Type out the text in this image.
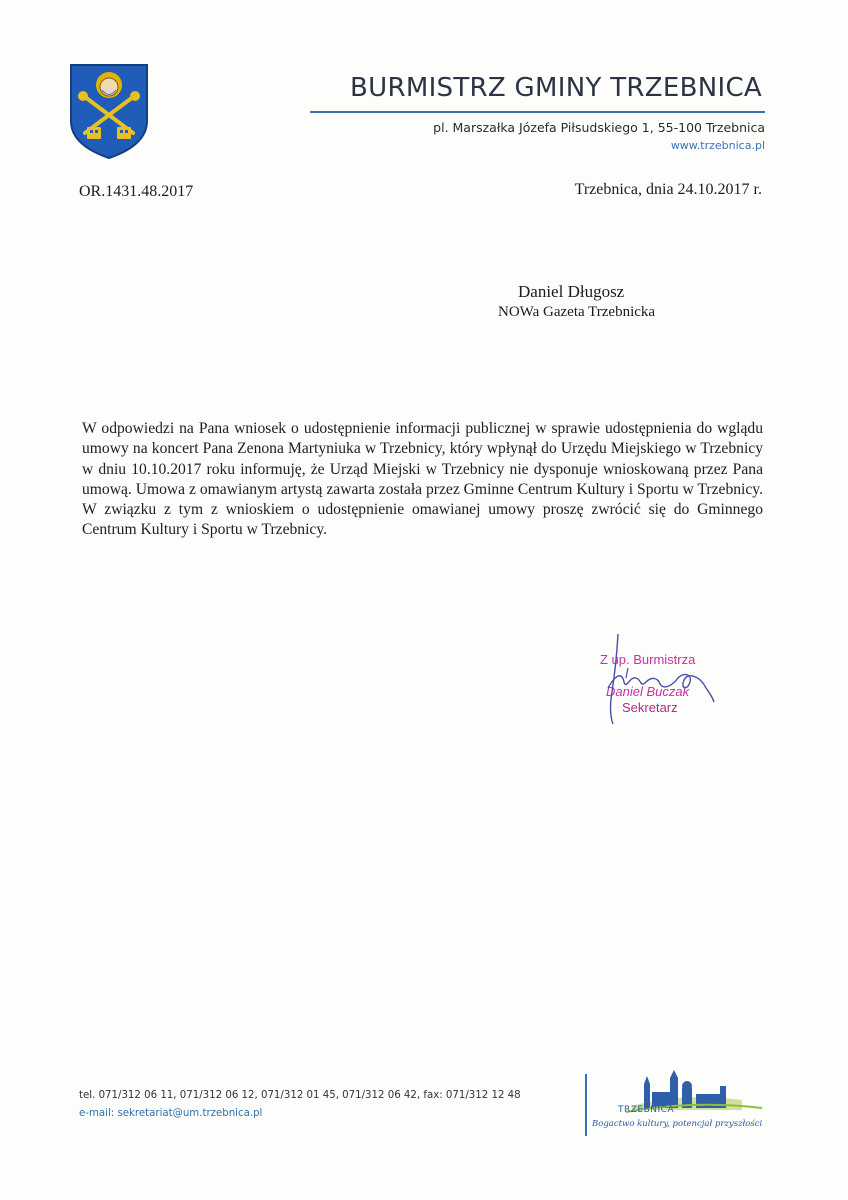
BURMISTRZ GMINY TRZEBNICA
pl. Marszałka Józefa Piłsudskiego 1, 55-100 Trzebnica
www.trzebnica.pl
OR.1431.48.2017	Trzebnica, dnia 24.10.2017 r.
Daniel Długosz
NOWa Gazeta Trzebnicka
W odpowiedzi na Pana wniosek o udostępnienie informacji publicznej w sprawie udostępnienia do wglądu umowy na koncert Pana Zenona Martyniuka w Trzebnicy, który wpłynął do Urzędu Miejskiego w Trzebnicy w dniu 10.10.2017 roku informuję, że Urząd Miejski w Trzebnicy nie dysponuje wnioskowaną przez Pana umową. Umowa z omawianym artystą zawarta została przez Gminne Centrum Kultury i Sportu w Trzebnicy. W związku z tym z wnioskiem o udostępnienie omawianej umowy proszę zwrócić się do Gminnego Centrum Kultury i Sportu w Trzebnicy.
Z up. Burmistrza
Daniel Buczak
Sekretarz
tel. 071/312 06 11, 071/312 06 12, 071/312 01 45, 071/312 06 42, fax: 071/312 12 48
e-mail: sekretariat@um.trzebnica.pl	TRZEBNICA
Bogactwo kultury, potencjał przyszłości
